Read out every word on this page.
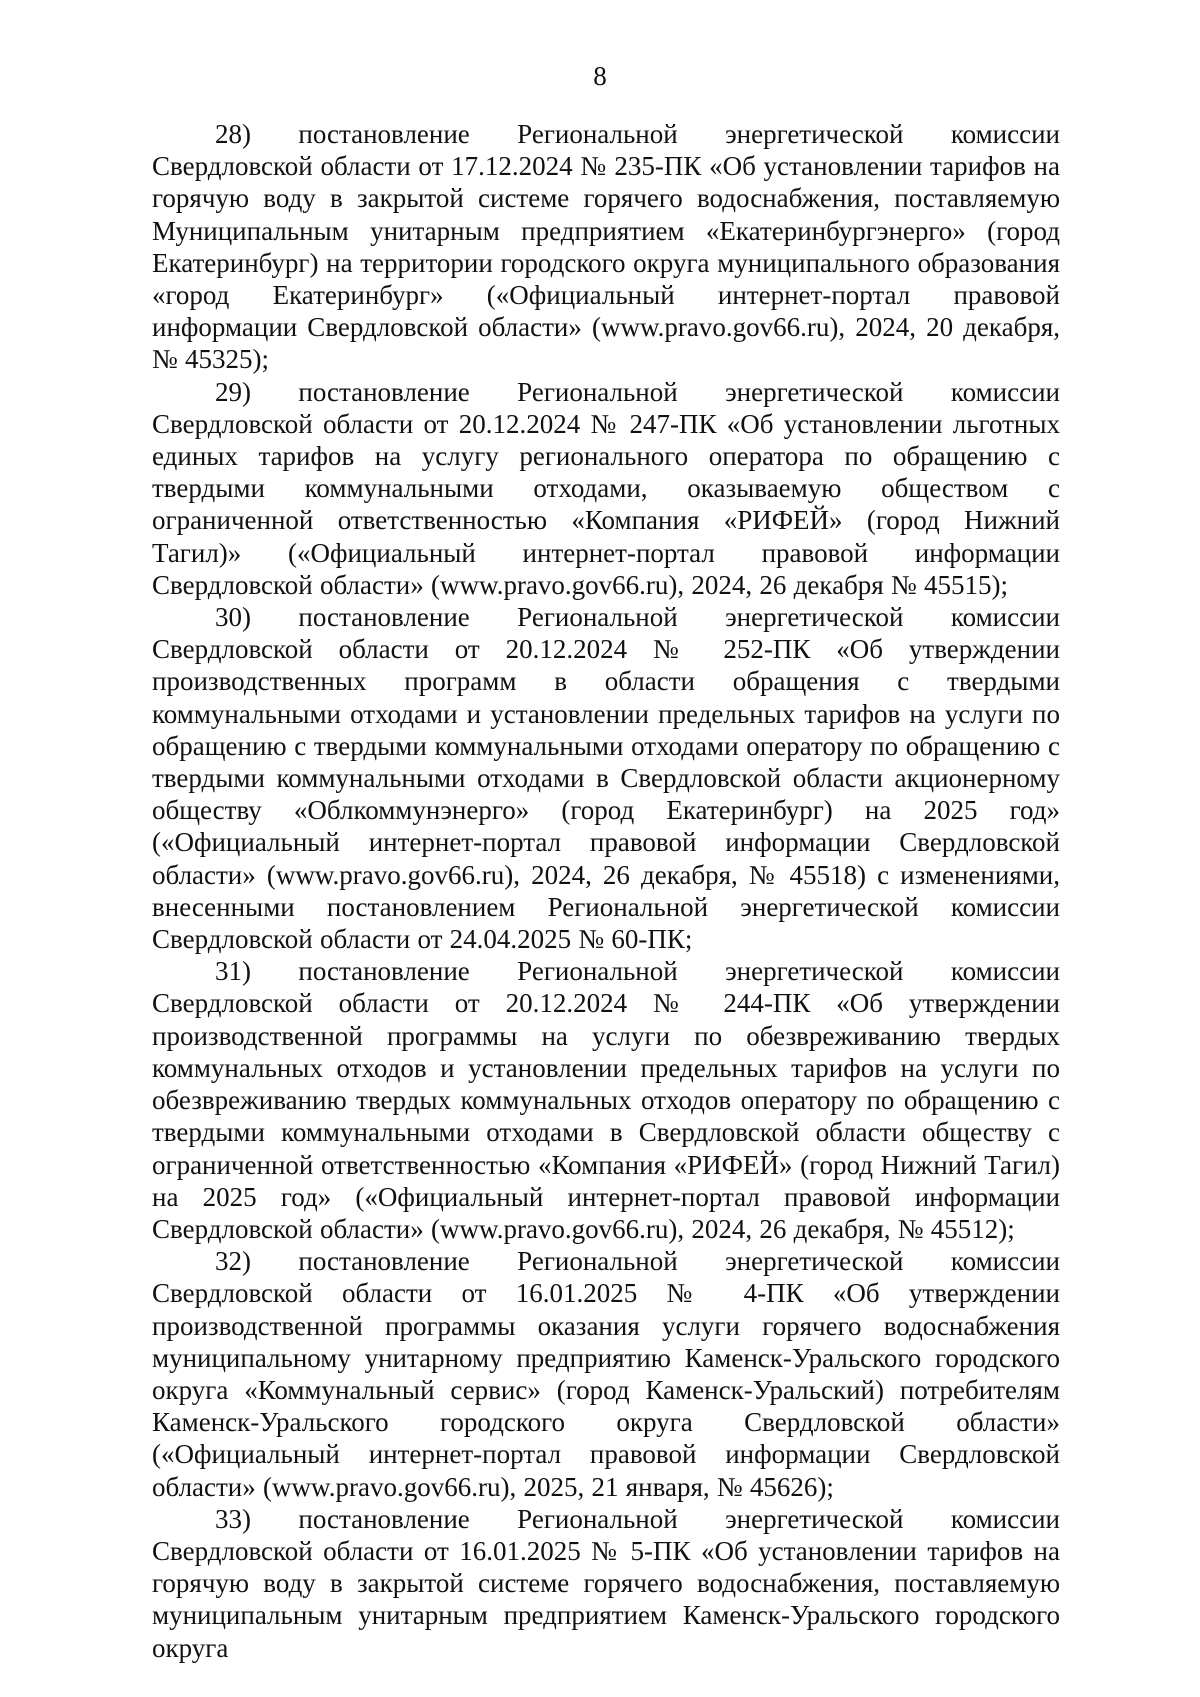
8

28) постановление Региональной энергетической комиссии Свердловской области от 17.12.2024 № 235-ПК «Об установлении тарифов на горячую воду в закрытой системе горячего водоснабжения, поставляемую Муниципальным унитарным предприятием «Екатеринбургэнерго» (город Екатеринбург) на территории городского округа муниципального образования «город Екатеринбург» («Официальный интернет-портал правовой информации Свердловской области» (www.pravo.gov66.ru), 2024, 20 декабря, № 45325);

29) постановление Региональной энергетической комиссии Свердловской области от 20.12.2024 № 247-ПК «Об установлении льготных единых тарифов на услугу регионального оператора по обращению с твердыми коммунальными отходами, оказываемую обществом с ограниченной ответственностью «Компания «РИФЕЙ» (город Нижний Тагил)» («Официальный интернет-портал правовой информации Свердловской области» (www.pravo.gov66.ru), 2024, 26 декабря № 45515);

30) постановление Региональной энергетической комиссии Свердловской области от 20.12.2024 № 252-ПК «Об утверждении производственных программ в области обращения с твердыми коммунальными отходами и установлении предельных тарифов на услуги по обращению с твердыми коммунальными отходами оператору по обращению с твердыми коммунальными отходами в Свердловской области акционерному обществу «Облкоммунэнерго» (город Екатеринбург) на 2025 год» («Официальный интернет-портал правовой информации Свердловской области» (www.pravo.gov66.ru), 2024, 26 декабря, № 45518) с изменениями, внесенными постановлением Региональной энергетической комиссии Свердловской области от 24.04.2025 № 60-ПК;

31) постановление Региональной энергетической комиссии Свердловской области от 20.12.2024 № 244-ПК «Об утверждении производственной программы на услуги по обезвреживанию твердых коммунальных отходов и установлении предельных тарифов на услуги по обезвреживанию твердых коммунальных отходов оператору по обращению с твердыми коммунальными отходами в Свердловской области обществу с ограниченной ответственностью «Компания «РИФЕЙ» (город Нижний Тагил) на 2025 год» («Официальный интернет-портал правовой информации Свердловской области» (www.pravo.gov66.ru), 2024, 26 декабря, № 45512);

32) постановление Региональной энергетической комиссии Свердловской области от 16.01.2025 № 4-ПК «Об утверждении производственной программы оказания услуги горячего водоснабжения муниципальному унитарному предприятию Каменск-Уральского городского округа «Коммунальный сервис» (город Каменск-Уральский) потребителям Каменск-Уральского городского округа Свердловской области» («Официальный интернет-портал правовой информации Свердловской области» (www.pravo.gov66.ru), 2025, 21 января, № 45626);

33) постановление Региональной энергетической комиссии Свердловской области от 16.01.2025 № 5-ПК «Об установлении тарифов на горячую воду в закрытой системе горячего водоснабжения, поставляемую муниципальным унитарным предприятием Каменск-Уральского городского округа
